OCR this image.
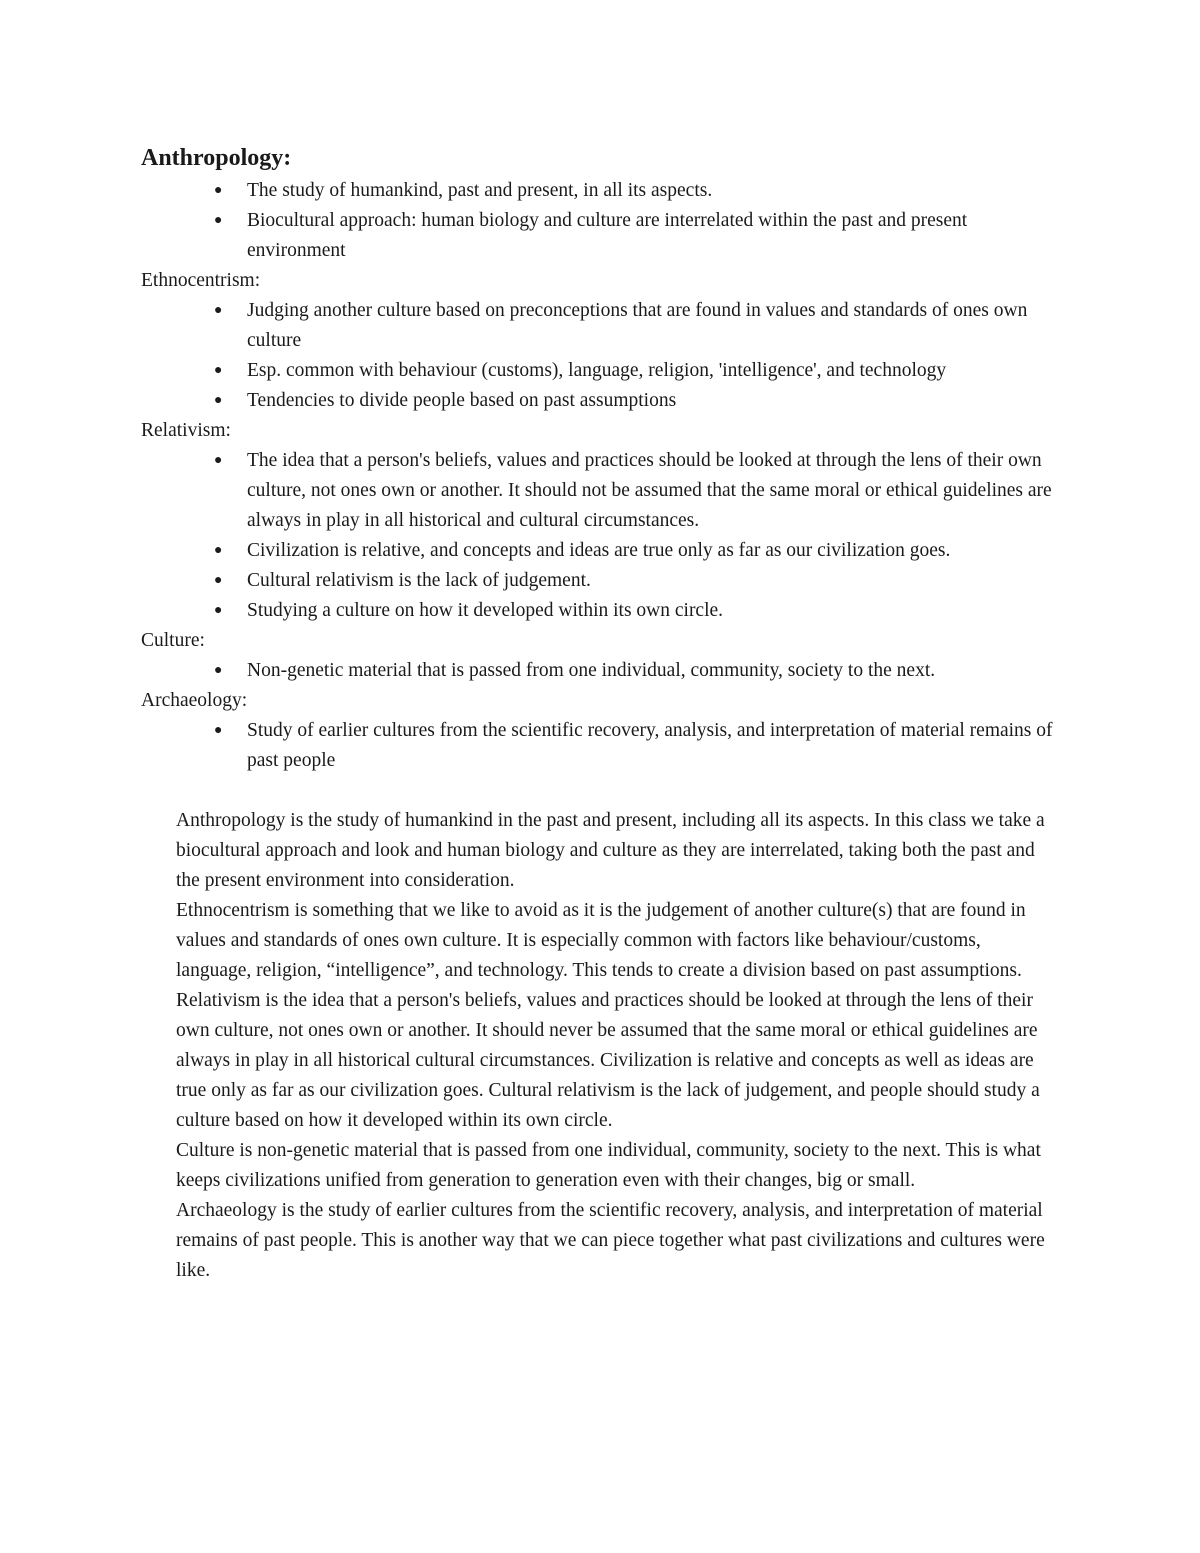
Anthropology:
● The study of humankind, past and present, in all its aspects.
● Biocultural approach: human biology and culture are interrelated within the past and present environment

Ethnocentrism:

● Judging another culture based on preconceptions that are found in values and standards of ones own culture
● Esp. common with behaviour (customs), language, religion, 'intelligence', and technology
● Tendencies to divide people based on past assumptions

Relativism:

● The idea that a person's beliefs, values and practices should be looked at through the lens of their own culture, not ones own or another. It should not be assumed that the same moral or ethical guidelines are always in play in all historical and cultural circumstances.
● Civilization is relative, and concepts and ideas are true only as far as our civilization goes.
● Cultural relativism is the lack of judgement.
● Studying a culture on how it developed within its own circle.

Culture:

● Non-genetic material that is passed from one individual, community, society to the next.

Archaeology:

● Study of earlier cultures from the scientific recovery, analysis, and interpretation of material remains of past people

Anthropology is the study of humankind in the past and present, including all its aspects. In this class we take a biocultural approach and look and human biology and culture as they are interrelated, taking both the past and the present environment into consideration.

Ethnocentrism is something that we like to avoid as it is the judgement of another culture(s) that are found in values and standards of ones own culture. It is especially common with factors like behaviour/customs, language, religion, “intelligence”, and technology. This tends to create a division based on past assumptions.

Relativism is the idea that a person's beliefs, values and practices should be looked at through the lens of their own culture, not ones own or another. It should never be assumed that the same moral or ethical guidelines are always in play in all historical cultural circumstances. Civilization is relative and concepts as well as ideas are true only as far as our civilization goes. Cultural relativism is the lack of judgement, and people should study a culture based on how it developed within its own circle.

Culture is non-genetic material that is passed from one individual, community, society to the next. This is what keeps civilizations unified from generation to generation even with their changes, big or small.

Archaeology is the study of earlier cultures from the scientific recovery, analysis, and interpretation of material remains of past people. This is another way that we can piece together what past civilizations and cultures were like.
